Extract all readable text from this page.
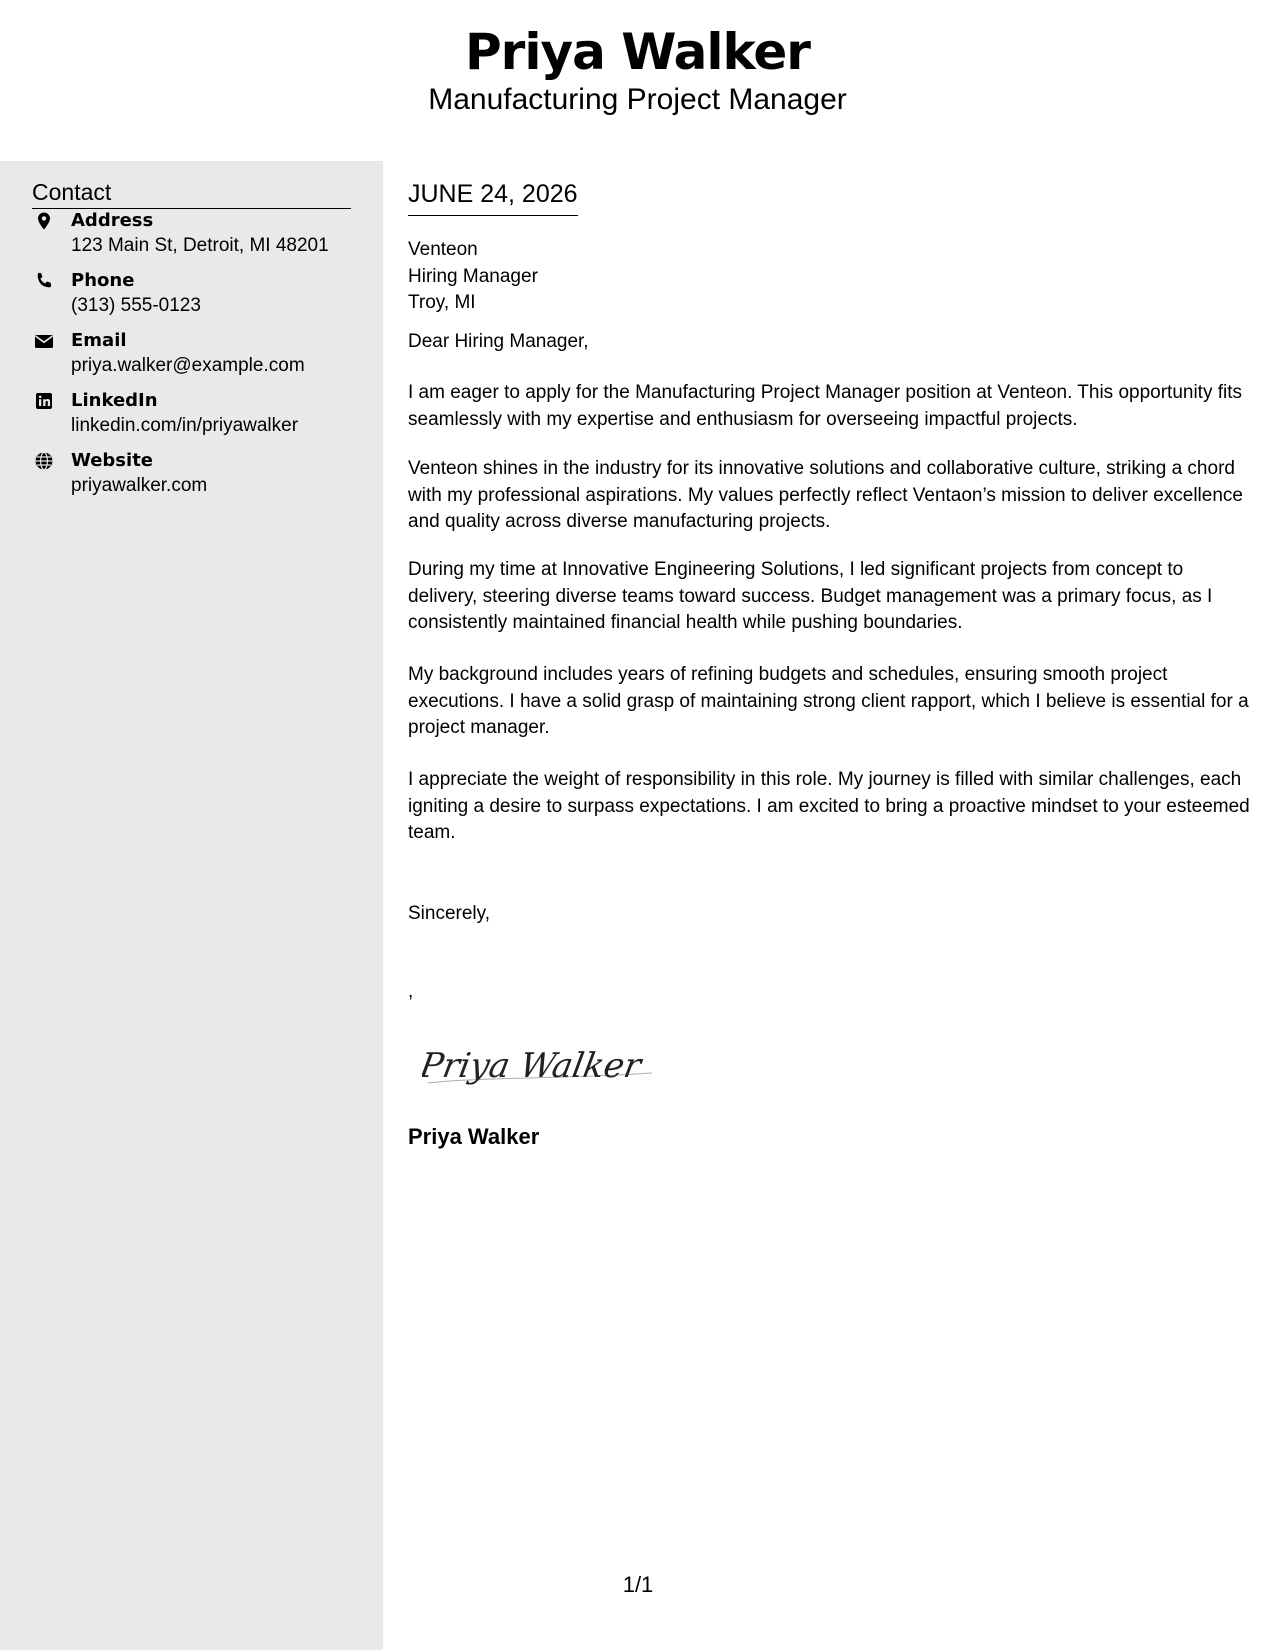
Priya Walker
Manufacturing Project Manager
Contact
Address
123 Main St, Detroit, MI 48201
Phone
(313) 555-0123
Email
priya.walker@example.com
LinkedIn
linkedin.com/in/priyawalker
Website
priyawalker.com
JUNE 24, 2026
Venteon
Hiring Manager
Troy, MI

Dear Hiring Manager,

I am eager to apply for the Manufacturing Project Manager position at Venteon. This opportunity fits seamlessly with my expertise and enthusiasm for overseeing impactful projects.

Venteon shines in the industry for its innovative solutions and collaborative culture, striking a chord with my professional aspirations. My values perfectly reflect Ventaon’s mission to deliver excellence and quality across diverse manufacturing projects.

During my time at Innovative Engineering Solutions, I led significant projects from concept to delivery, steering diverse teams toward success. Budget management was a primary focus, as I consistently maintained financial health while pushing boundaries.

My background includes years of refining budgets and schedules, ensuring smooth project executions. I have a solid grasp of maintaining strong client rapport, which I believe is essential for a project manager.

I appreciate the weight of responsibility in this role. My journey is filled with similar challenges, each igniting a desire to surpass expectations. I am excited to bring a proactive mindset to your esteemed team.

Sincerely,

,
Priya Walker
Priya Walker
1/1
